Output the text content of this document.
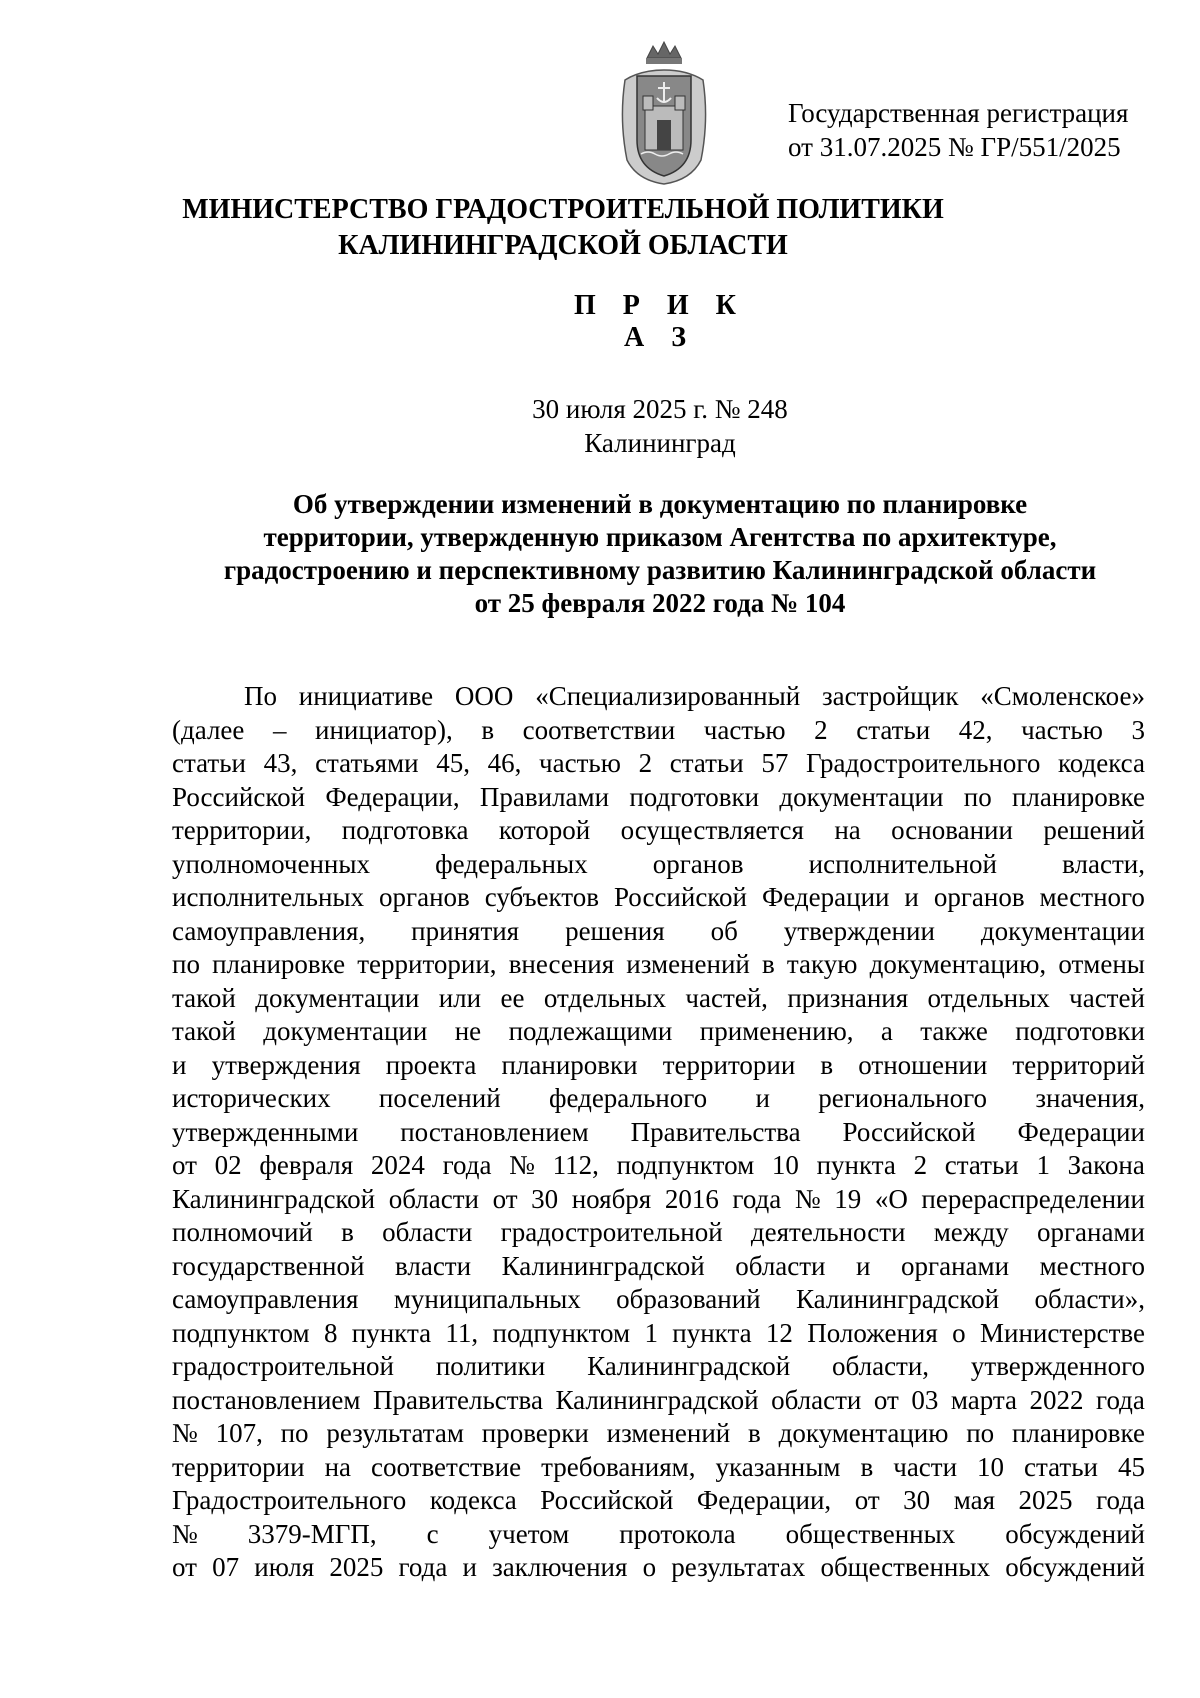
Государственная регистрация
от 31.07.2025 № ГР/551/2025
МИНИСТЕРСТВО ГРАДОСТРОИТЕЛЬНОЙ ПОЛИТИКИ
КАЛИНИНГРАДСКОЙ ОБЛАСТИ
П Р И К А З
30 июля 2025 г. № 248
Калининград
Об утверждении изменений в документацию по планировке
территории, утвержденную приказом Агентства по архитектуре,
градостроению и перспективному развитию Калининградской области
от 25 февраля 2022 года № 104
По инициативе ООО «Специализированный застройщик «Смоленское»
(далее – инициатор), в соответствии частью 2 статьи 42, частью 3
статьи 43, статьями 45, 46, частью 2 статьи 57 Градостроительного кодекса
Российской Федерации, Правилами подготовки документации по планировке
территории, подготовка которой осуществляется на основании решений
уполномоченных федеральных органов исполнительной власти,
исполнительных органов субъектов Российской Федерации и органов местного
самоуправления, принятия решения об утверждении документации
по планировке территории, внесения изменений в такую документацию, отмены
такой документации или ее отдельных частей, признания отдельных частей
такой документации не подлежащими применению, а также подготовки
и утверждения проекта планировки территории в отношении территорий
исторических поселений федерального и регионального значения,
утвержденными постановлением Правительства Российской Федерации
от 02 февраля 2024 года № 112, подпунктом 10 пункта 2 статьи 1 Закона
Калининградской области от 30 ноября 2016 года № 19 «О перераспределении
полномочий в области градостроительной деятельности между органами
государственной власти Калининградской области и органами местного
самоуправления муниципальных образований Калининградской области»,
подпунктом 8 пункта 11, подпунктом 1 пункта 12 Положения о Министерстве
градостроительной политики Калининградской области, утвержденного
постановлением Правительства Калининградской области от 03 марта 2022 года
№ 107, по результатам проверки изменений в документацию по планировке
территории на соответствие требованиям, указанным в части 10 статьи 45
Градостроительного кодекса Российской Федерации, от 30 мая 2025 года
№ 3379-МГП, с учетом протокола общественных обсуждений
от 07 июля 2025 года и заключения о результатах общественных обсуждений
